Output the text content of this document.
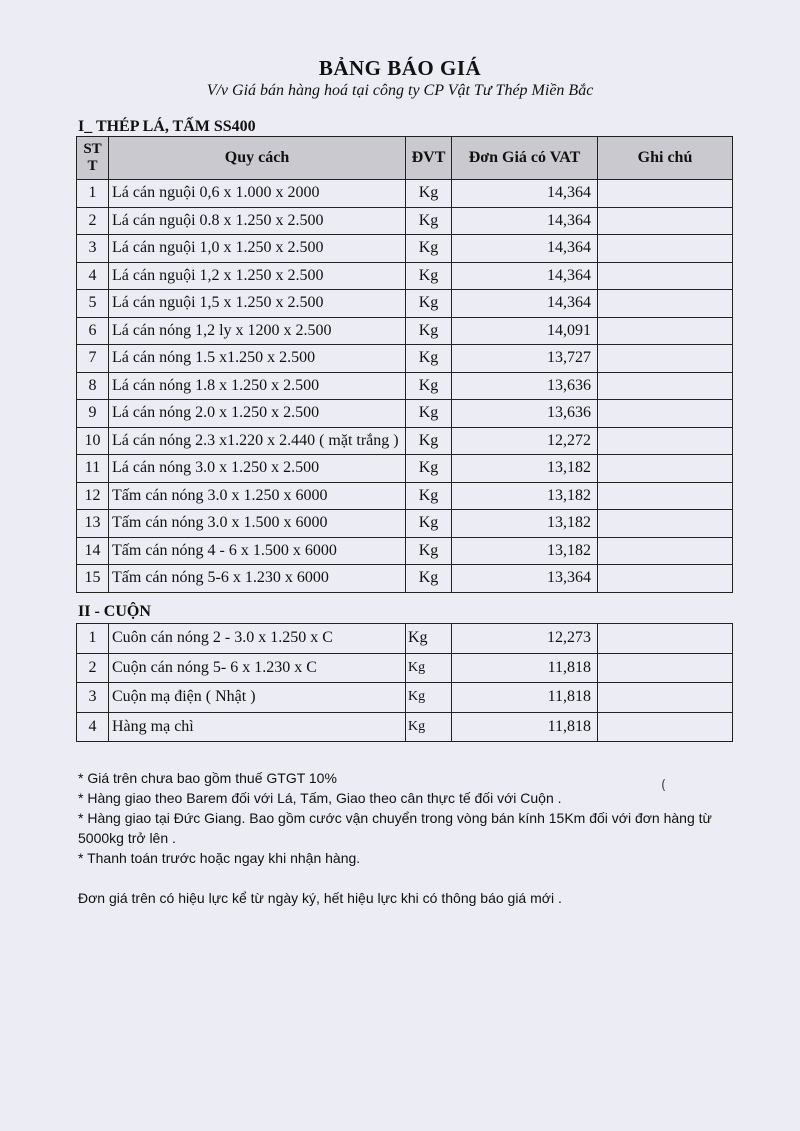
BẢNG BÁO GIÁ
V/v Giá bán hàng hoá tại công ty CP Vật Tư Thép Miền Bắc
I_ THÉP LÁ, TẤM SS400
ST T	Quy cách	ĐVT	Đơn Giá có VAT	Ghi chú
1	Lá cán nguội 0,6 x 1.000 x 2000	Kg	14,364	
2	Lá cán nguội 0.8 x 1.250 x 2.500	Kg	14,364	
3	Lá cán nguội 1,0 x 1.250 x 2.500	Kg	14,364	
4	Lá cán nguội 1,2 x 1.250 x 2.500	Kg	14,364	
5	Lá cán nguội 1,5 x 1.250 x 2.500	Kg	14,364	
6	Lá cán nóng 1,2 ly x 1200 x 2.500	Kg	14,091	
7	Lá cán nóng 1.5 x1.250 x 2.500	Kg	13,727	
8	Lá cán nóng 1.8 x 1.250 x 2.500	Kg	13,636	
9	Lá cán nóng 2.0 x 1.250 x 2.500	Kg	13,636	
10	Lá cán nóng 2.3 x1.220 x 2.440 ( mặt trắng )	Kg	12,272	
11	Lá cán nóng 3.0 x 1.250 x 2.500	Kg	13,182	
12	Tấm cán nóng 3.0 x 1.250 x 6000	Kg	13,182	
13	Tấm cán nóng 3.0 x 1.500 x 6000	Kg	13,182	
14	Tấm cán nóng 4 - 6 x 1.500 x 6000	Kg	13,182	
15	Tấm cán nóng 5-6 x 1.230 x 6000	Kg	13,364	
II - CUỘN
1	Cuôn cán nóng 2 - 3.0 x 1.250 x C	Kg	12,273	
2	Cuộn cán nóng 5- 6 x 1.230 x C	Kg	11,818	
3	Cuộn mạ điện ( Nhật )	Kg	11,818	
4	Hàng mạ chì	Kg	11,818	
(

* Giá trên chưa bao gồm thuế GTGT 10%

* Hàng giao theo Barem đối với Lá, Tấm, Giao theo cân thực tế đối với Cuộn .

* Hàng giao tại Đức Giang. Bao gồm cước vận chuyển trong vòng bán kính 15Km đối với đơn hàng từ 5000kg trở lên .

* Thanh toán trước hoặc ngay khi nhận hàng.

Đơn giá trên có hiệu lực kể từ ngày ký, hết hiệu lực khi có thông báo giá mới .
